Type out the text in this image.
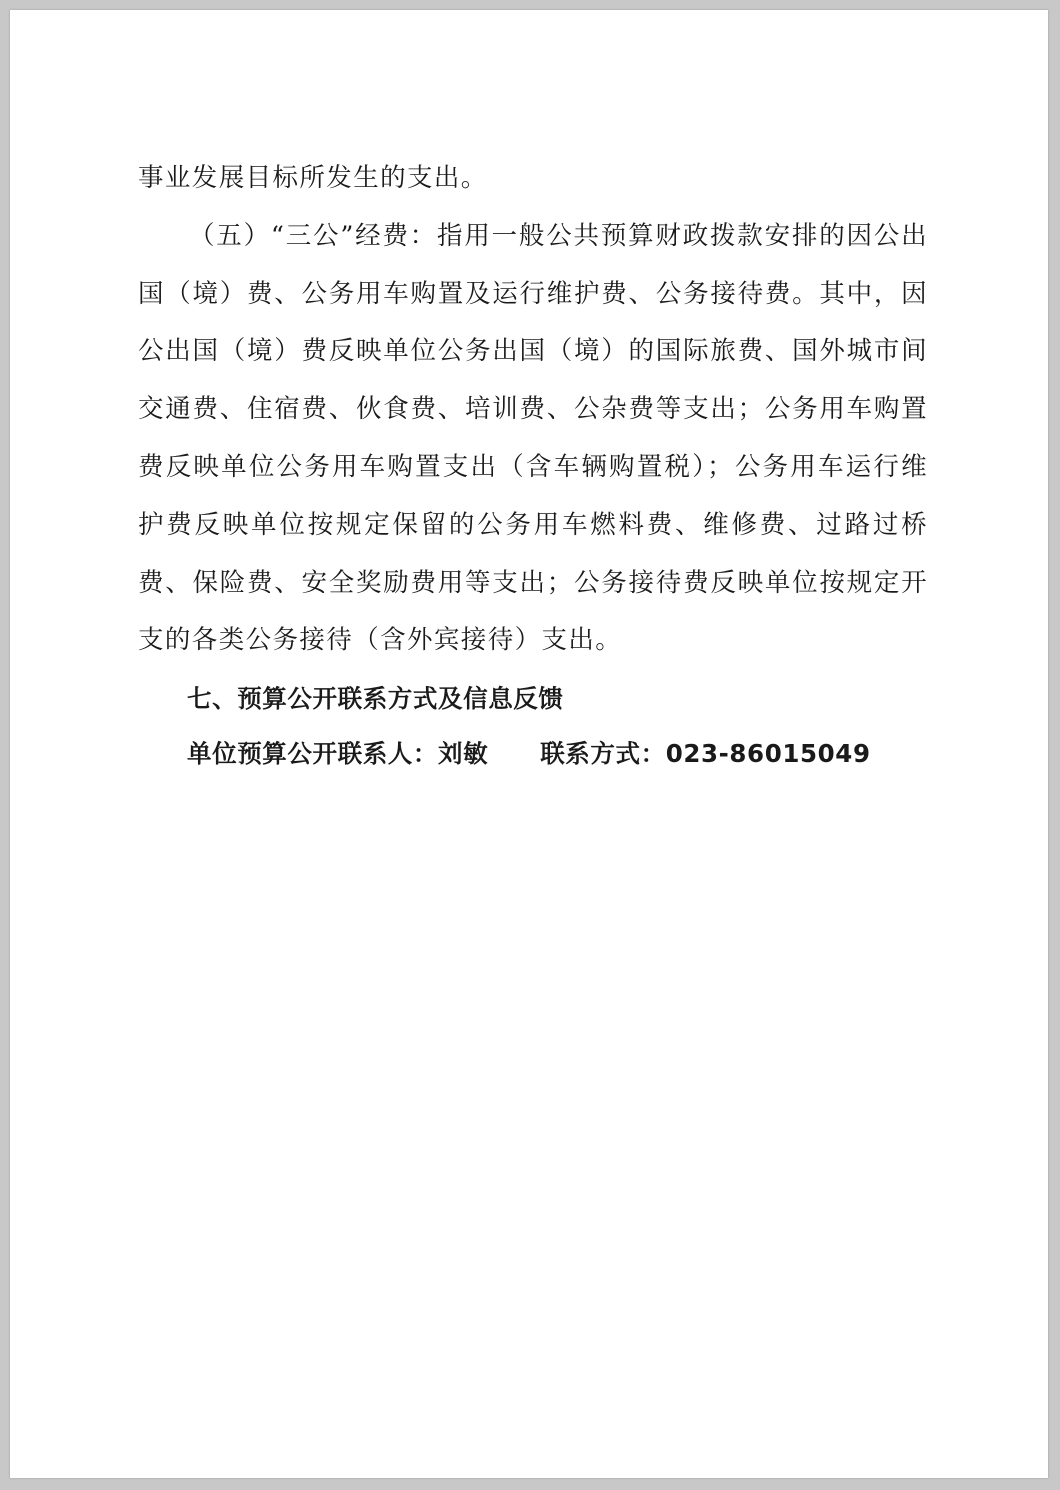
事业发展目标所发生的支出。

（五）“三公”经费：指用一般公共预算财政拨款安排的因公出国（境）费、公务用车购置及运行维护费、公务接待费。其中，因公出国（境）费反映单位公务出国（境）的国际旅费、国外城市间交通费、住宿费、伙食费、培训费、公杂费等支出；公务用车购置费反映单位公务用车购置支出（含车辆购置税）；公务用车运行维护费反映单位按规定保留的公务用车燃料费、维修费、过路过桥费、保险费、安全奖励费用等支出；公务接待费反映单位按规定开支的各类公务接待（含外宾接待）支出。

七、预算公开联系方式及信息反馈

单位预算公开联系人：刘敏 联系方式：023-86015049
